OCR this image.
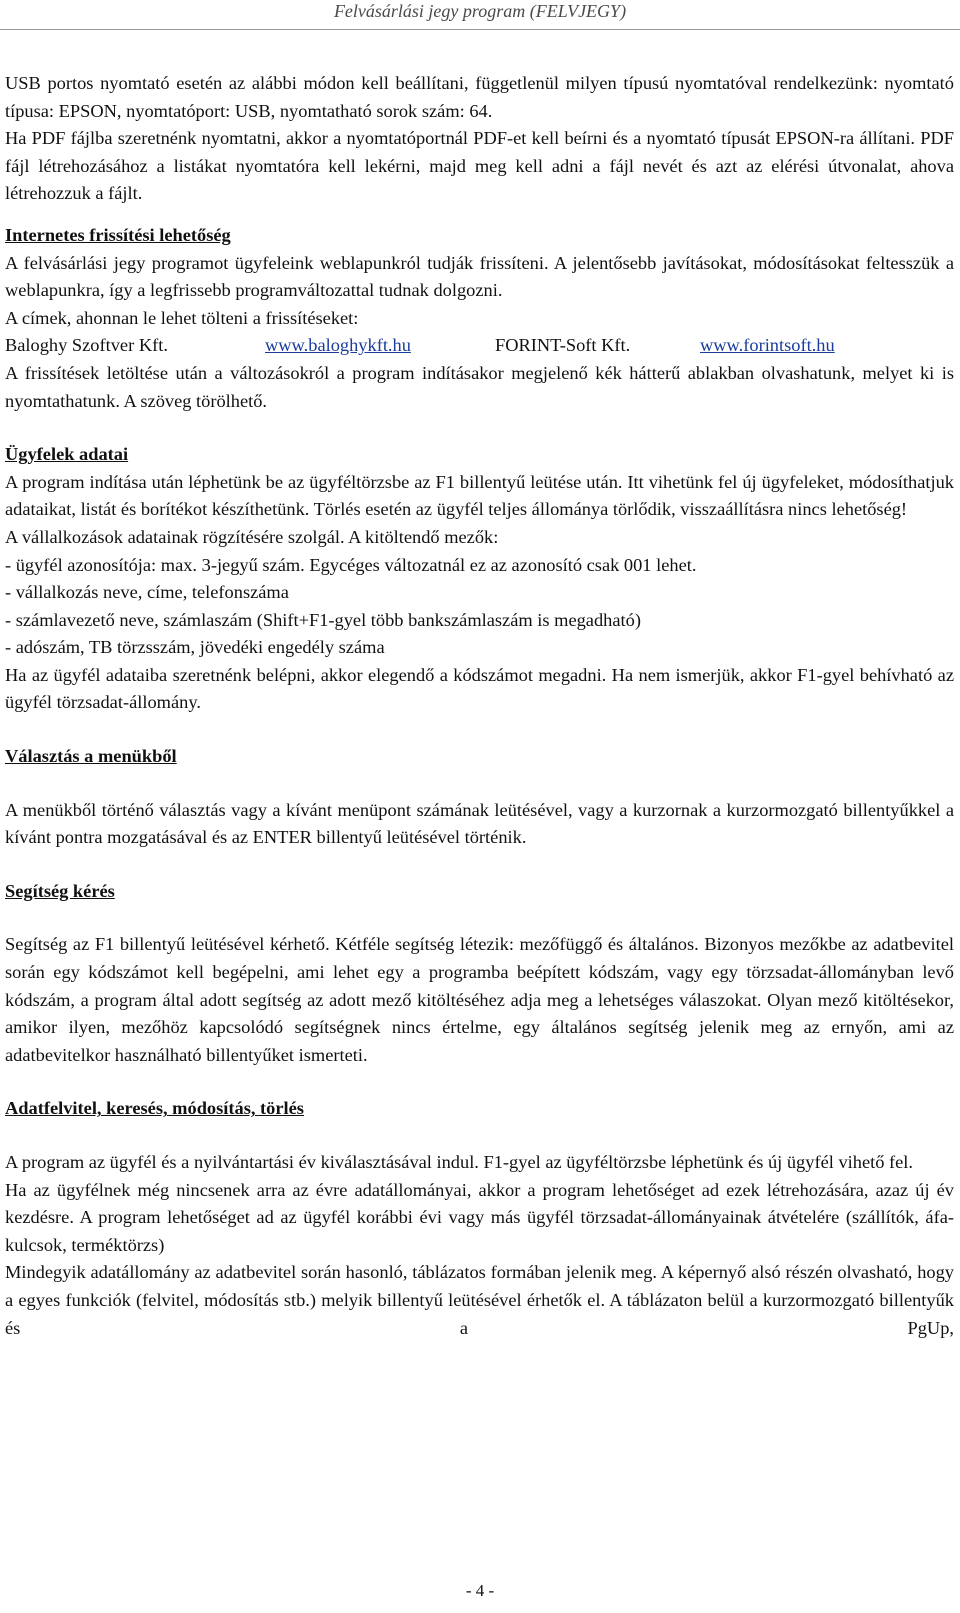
Felvásárlási jegy program (FELVJEGY)

USB portos nyomtató esetén az alábbi módon kell beállítani, függetlenül milyen típusú nyomtatóval rendelkezünk: nyomtató típusa: EPSON, nyomtatóport: USB, nyomtatható sorok szám: 64.

Ha PDF fájlba szeretnénk nyomtatni, akkor a nyomtatóportnál PDF-et kell beírni és a nyomtató típusát EPSON-ra állítani. PDF fájl létrehozásához a listákat nyomtatóra kell lekérni, majd meg kell adni a fájl nevét és azt az elérési útvonalat, ahova létrehozzuk a fájlt.

Internetes frissítési lehetőség

A felvásárlási jegy programot ügyfeleink weblapunkról tudják frissíteni. A jelentősebb javításokat, módosításokat feltesszük a weblapunkra, így a legfrissebb programváltozattal tudnak dolgozni.

A címek, ahonnan le lehet tölteni a frissítéseket:

Baloghy Szoftver Kft.	www.baloghykft.hu	FORINT-Soft Kft.	www.forintsoft.hu

A frissítések letöltése után a változásokról a program indításakor megjelenő kék hátterű ablakban olvashatunk, melyet ki is nyomtathatunk. A szöveg törölhető.

Ügyfelek adatai

A program indítása után léphetünk be az ügyféltörzsbe az F1 billentyű leütése után. Itt vihetünk fel új ügyfeleket, módosíthatjuk adataikat, listát és borítékot készíthetünk. Törlés esetén az ügyfél teljes állománya törlődik, visszaállításra nincs lehetőség!

A vállalkozások adatainak rögzítésére szolgál. A kitöltendő mezők:

- ügyfél azonosítója: max. 3-jegyű szám. Egycéges változatnál ez az azonosító csak 001 lehet.

- vállalkozás neve, címe, telefonszáma

- számlavezető neve, számlaszám (Shift+F1-gyel több bankszámlaszám is megadható)

- adószám, TB törzsszám, jövedéki engedély száma

Ha az ügyfél adataiba szeretnénk belépni, akkor elegendő a kódszámot megadni. Ha nem ismerjük, akkor F1-gyel behívható az ügyfél törzsadat-állomány.

Választás a menükből

A menükből történő választás vagy a kívánt menüpont számának leütésével, vagy a kurzornak a kurzormozgató billentyűkkel a kívánt pontra mozgatásával és az ENTER billentyű leütésével történik.

Segítség kérés

Segítség az F1 billentyű leütésével kérhető. Kétféle segítség létezik: mezőfüggő és általános. Bizonyos mezőkbe az adatbevitel során egy kódszámot kell begépelni, ami lehet egy a programba beépített kódszám, vagy egy törzsadat-állományban levő kódszám, a program által adott segítség az adott mező kitöltéséhez adja meg a lehetséges válaszokat. Olyan mező kitöltésekor, amikor ilyen, mezőhöz kapcsolódó segítségnek nincs értelme, egy általános segítség jelenik meg az ernyőn, ami az adatbevitelkor használható billentyűket ismerteti.

Adatfelvitel, keresés, módosítás, törlés

A program az ügyfél és a nyilvántartási év kiválasztásával indul. F1-gyel az ügyféltörzsbe léphetünk és új ügyfél vihető fel.

Ha az ügyfélnek még nincsenek arra az évre adatállományai, akkor a program lehetőséget ad ezek létrehozására, azaz új év kezdésre. A program lehetőséget ad az ügyfél korábbi évi vagy más ügyfél törzsadat-állományainak átvételére (szállítók, áfa-kulcsok, terméktörzs)

Mindegyik adatállomány az adatbevitel során hasonló, táblázatos formában jelenik meg. A képernyő alsó részén olvasható, hogy a egyes funkciók (felvitel, módosítás stb.) melyik billentyű leütésével érhetők el. A táblázaton belül a kurzormozgató billentyűk és a PgUp,

- 4 -
